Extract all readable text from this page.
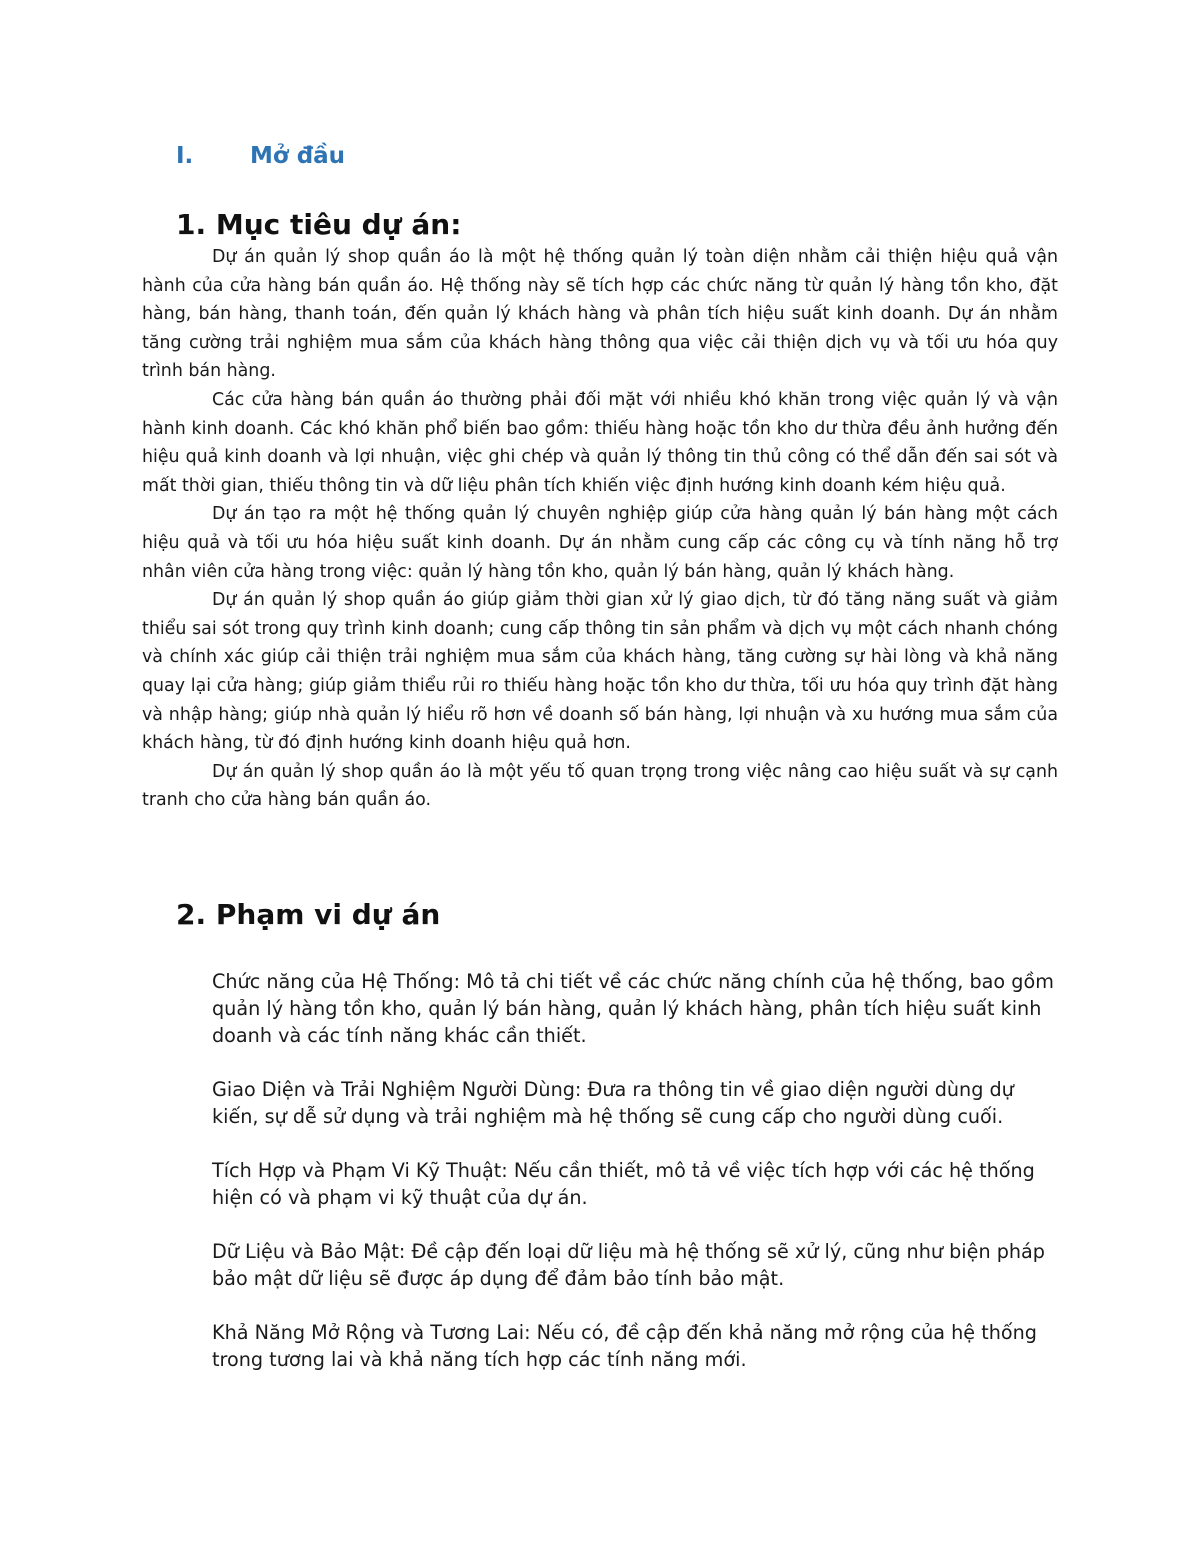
I. Mở đầu
1. Mục tiêu dự án:

Dự án quản lý shop quần áo là một hệ thống quản lý toàn diện nhằm cải thiện hiệu quả vận hành của cửa hàng bán quần áo. Hệ thống này sẽ tích hợp các chức năng từ quản lý hàng tồn kho, đặt hàng, bán hàng, thanh toán, đến quản lý khách hàng và phân tích hiệu suất kinh doanh. Dự án nhằm tăng cường trải nghiệm mua sắm của khách hàng thông qua việc cải thiện dịch vụ và tối ưu hóa quy trình bán hàng.

Các cửa hàng bán quần áo thường phải đối mặt với nhiều khó khăn trong việc quản lý và vận hành kinh doanh. Các khó khăn phổ biến bao gồm: thiếu hàng hoặc tồn kho dư thừa đều ảnh hưởng đến hiệu quả kinh doanh và lợi nhuận, việc ghi chép và quản lý thông tin thủ công có thể dẫn đến sai sót và mất thời gian, thiếu thông tin và dữ liệu phân tích khiến việc định hướng kinh doanh kém hiệu quả.

Dự án tạo ra một hệ thống quản lý chuyên nghiệp giúp cửa hàng quản lý bán hàng một cách hiệu quả và tối ưu hóa hiệu suất kinh doanh. Dự án nhằm cung cấp các công cụ và tính năng hỗ trợ nhân viên cửa hàng trong việc: quản lý hàng tồn kho, quản lý bán hàng, quản lý khách hàng.

Dự án quản lý shop quần áo giúp giảm thời gian xử lý giao dịch, từ đó tăng năng suất và giảm thiểu sai sót trong quy trình kinh doanh; cung cấp thông tin sản phẩm và dịch vụ một cách nhanh chóng và chính xác giúp cải thiện trải nghiệm mua sắm của khách hàng, tăng cường sự hài lòng và khả năng quay lại cửa hàng; giúp giảm thiểu rủi ro thiếu hàng hoặc tồn kho dư thừa, tối ưu hóa quy trình đặt hàng và nhập hàng; giúp nhà quản lý hiểu rõ hơn về doanh số bán hàng, lợi nhuận và xu hướng mua sắm của khách hàng, từ đó định hướng kinh doanh hiệu quả hơn.

Dự án quản lý shop quần áo là một yếu tố quan trọng trong việc nâng cao hiệu suất và sự cạnh tranh cho cửa hàng bán quần áo.

2. Phạm vi dự án

Chức năng của Hệ Thống: Mô tả chi tiết về các chức năng chính của hệ thống, bao gồm quản lý hàng tồn kho, quản lý bán hàng, quản lý khách hàng, phân tích hiệu suất kinh doanh và các tính năng khác cần thiết.

Giao Diện và Trải Nghiệm Người Dùng: Đưa ra thông tin về giao diện người dùng dự kiến, sự dễ sử dụng và trải nghiệm mà hệ thống sẽ cung cấp cho người dùng cuối.

Tích Hợp và Phạm Vi Kỹ Thuật: Nếu cần thiết, mô tả về việc tích hợp với các hệ thống hiện có và phạm vi kỹ thuật của dự án.

Dữ Liệu và Bảo Mật: Đề cập đến loại dữ liệu mà hệ thống sẽ xử lý, cũng như biện pháp bảo mật dữ liệu sẽ được áp dụng để đảm bảo tính bảo mật.

Khả Năng Mở Rộng và Tương Lai: Nếu có, đề cập đến khả năng mở rộng của hệ thống trong tương lai và khả năng tích hợp các tính năng mới.
